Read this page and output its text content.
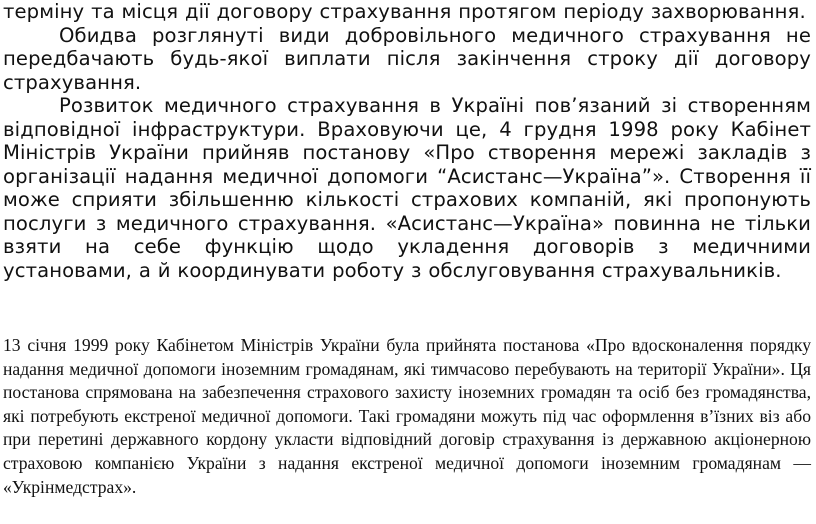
терміну та місця дії договору страхування протягом періоду захворювання.

Обидва розглянуті види добровільного медичного страхування не передбачають будь-якої виплати після закінчення строку дії договору страхування.

Розвиток медичного страхування в Україні пов’язаний зі створенням відповідної інфраструктури. Враховуючи це, 4 грудня 1998 року Кабінет Міністрів України прийняв постанову «Про створення мережі закладів з організації надання медичної допомоги “Асистанс—Україна”». Створення її може сприяти збільшенню кількості страхових компаній, які пропонують послуги з медичного страхування. «Асистанс—Україна» повинна не тільки взяти на себе функцію щодо укладення договорів з медичними установами, а й координувати роботу з обслуговування страхувальників.

13 січня 1999 року Кабінетом Міністрів України була прийнята постанова «Про вдосконалення порядку надання медичної допомоги іноземним громадянам, які тимчасово перебувають на території України». Ця постанова спрямована на забезпечення страхового захисту іноземних громадян та осіб без громадянства, які потребують екстреної медичної допомоги. Такі громадяни можуть під час оформлення в’їзних віз або при перетині державного кордону укласти відповідний договір страхування із державною акціонерною страховою компанією України з надання екстреної медичної допомоги іноземним громадянам — «Укрінмедстрах».
